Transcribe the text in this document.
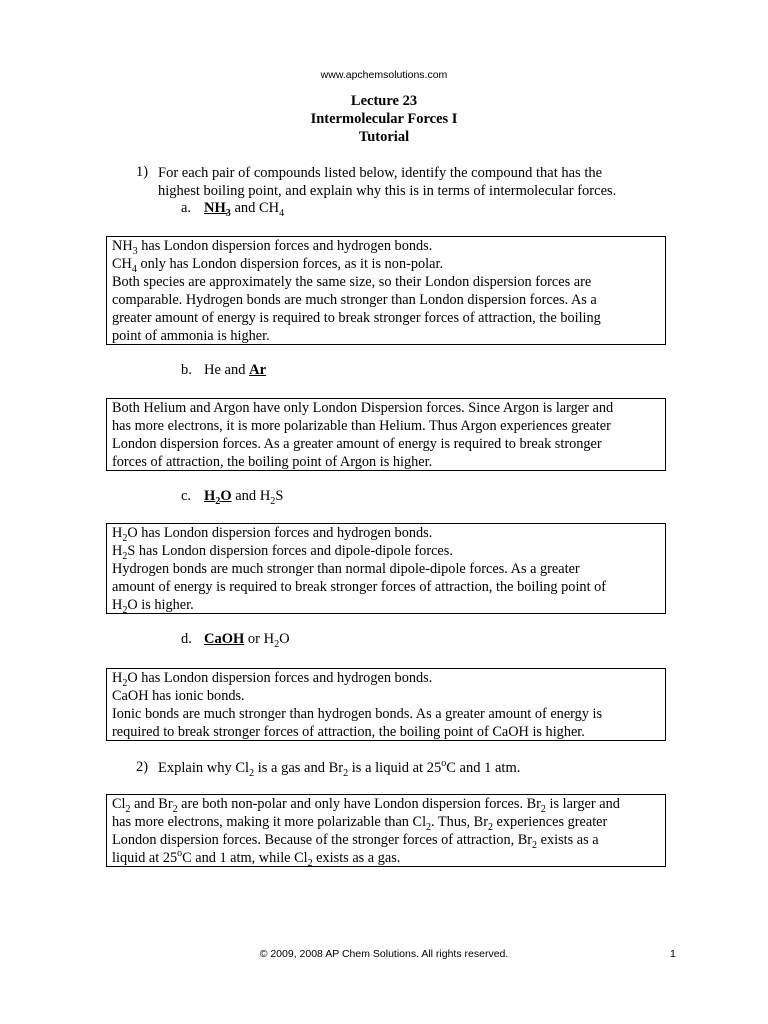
www.apchemsolutions.com
Lecture 23
Intermolecular Forces I
Tutorial
1) For each pair of compounds listed below, identify the compound that has the
highest boiling point, and explain why this is in terms of intermolecular forces.
a. $NH_3$ and $CH_4$
$NH_3$ has London dispersion forces and hydrogen bonds.
$CH_4$ only has London dispersion forces, as it is non-polar.
Both species are approximately the same size, so their London dispersion forces are
comparable. Hydrogen bonds are much stronger than London dispersion forces. As a
greater amount of energy is required to break stronger forces of attraction, the boiling
point of ammonia is higher.
b. He and Ar
Both Helium and Argon have only London Dispersion forces. Since Argon is larger and
has more electrons, it is more polarizable than Helium. Thus Argon experiences greater
London dispersion forces. As a greater amount of energy is required to break stronger
forces of attraction, the boiling point of Argon is higher.
c. $H_2O$ and $H_2S$
$H_2O$ has London dispersion forces and hydrogen bonds.
$H_2S$ has London dispersion forces and dipole-dipole forces.
Hydrogen bonds are much stronger than normal dipole-dipole forces. As a greater
amount of energy is required to break stronger forces of attraction, the boiling point of
$H_2O$ is higher.
d. CaOH or $H_2O$
$H_2O$ has London dispersion forces and hydrogen bonds.
CaOH has ionic bonds.
Ionic bonds are much stronger than hydrogen bonds. As a greater amount of energy is
required to break stronger forces of attraction, the boiling point of CaOH is higher.
2) Explain why $Cl_2$ is a gas and $Br_2$ is a liquid at 25$^o$C and 1 atm.
$Cl_2$ and $Br_2$ are both non-polar and only have London dispersion forces. $Br_2$ is larger and
has more electrons, making it more polarizable than $Cl_2$. Thus, $Br_2$ experiences greater
London dispersion forces. Because of the stronger forces of attraction, $Br_2$ exists as a
liquid at 25$^o$C and 1 atm, while $Cl_2$ exists as a gas.
© 2009, 2008 AP Chem Solutions. All rights reserved.	1
